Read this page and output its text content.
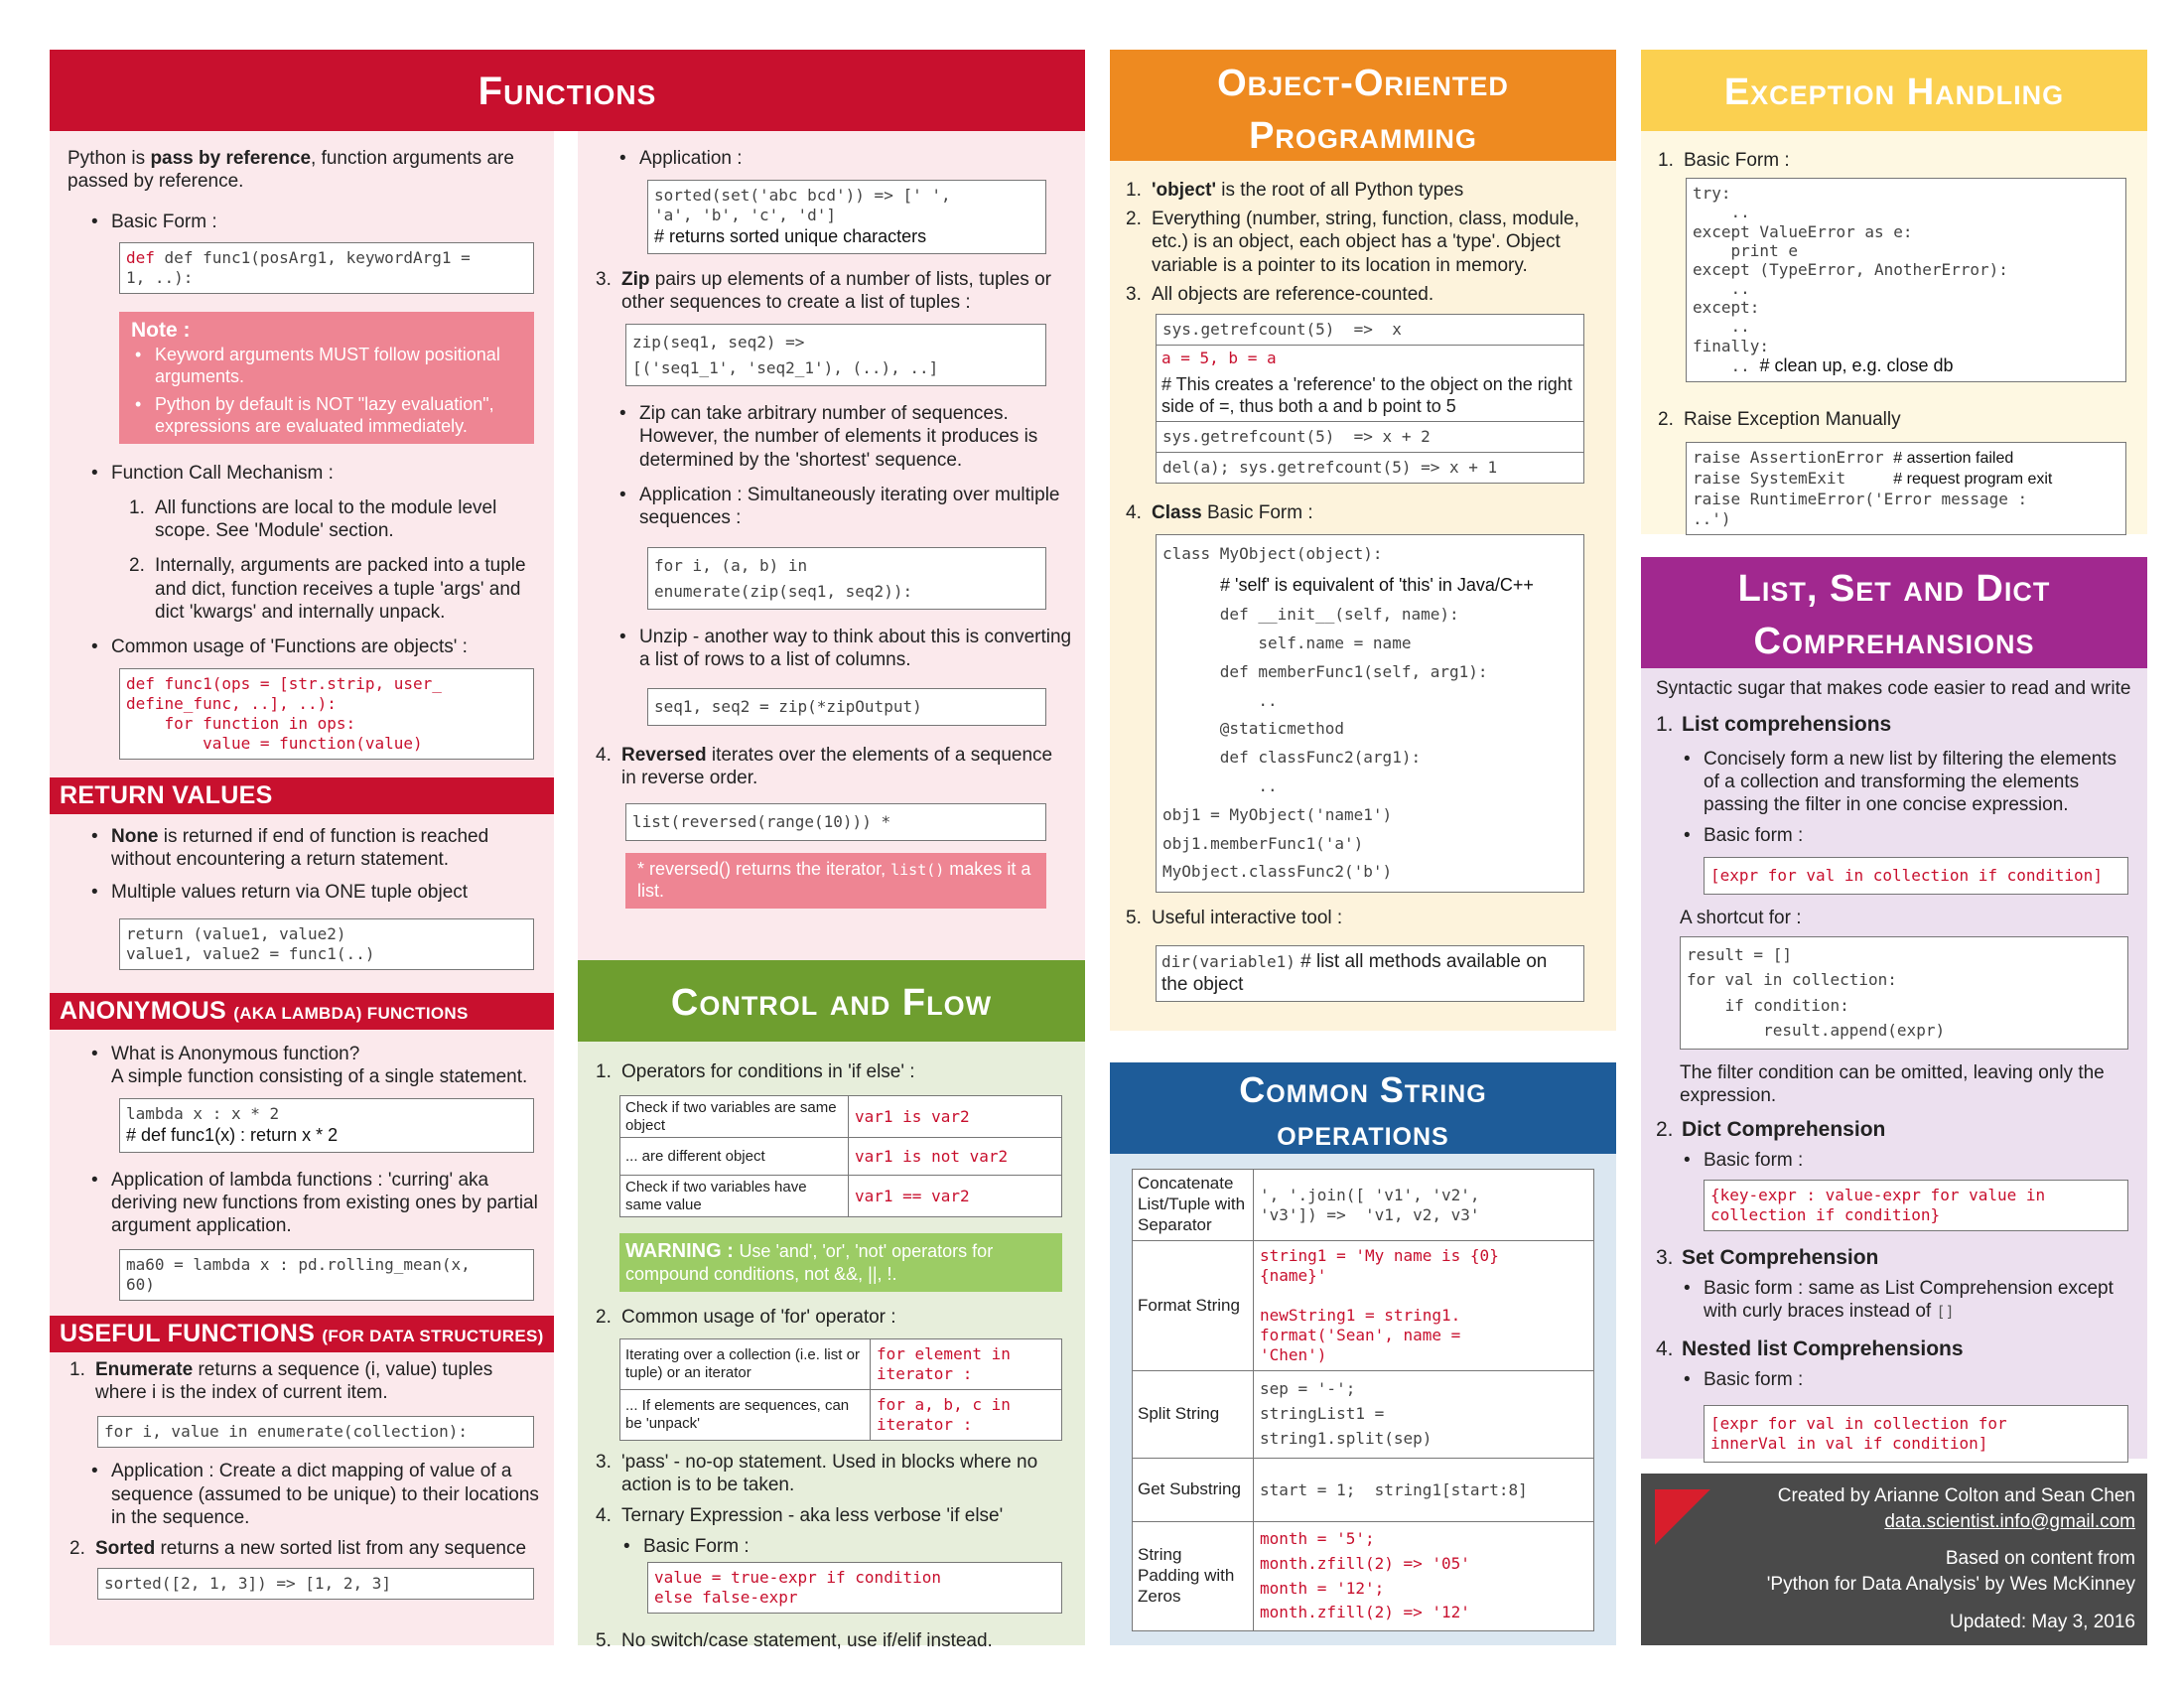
Functions
Python is pass by reference, function arguments are passed by reference.
• Basic Form :
def def func1(posArg1, keywordArg1 =
1, ..):
Note :
• Keyword arguments MUST follow positional arguments.
• Python by default is NOT "lazy evaluation", expressions are evaluated immediately.
• Function Call Mechanism :
1. All functions are local to the module level scope. See 'Module' section.
2. Internally, arguments are packed into a tuple and dict, function receives a tuple 'args' and dict 'kwargs' and internally unpack.
• Common usage of 'Functions are objects' :
def func1(ops = [str.strip, user_
define_func, ..], ..):
for function in ops:
value = function(value)
RETURN VALUES
• None is returned if end of function is reached without encountering a return statement.
• Multiple values return via ONE tuple object
return (value1, value2)
value1, value2 = func1(..)
ANONYMOUS (AKA LAMBDA) FUNCTIONS
• What is Anonymous function?
A simple function consisting of a single statement.
lambda x : x * 2
# def func1(x) : return x * 2
• Application of lambda functions : 'curring' aka deriving new functions from existing ones by partial argument application.
ma60 = lambda x : pd.rolling_mean(x,
60)
USEFUL FUNCTIONS (FOR DATA STRUCTURES)
1. Enumerate returns a sequence (i, value) tuples where i is the index of current item.
for i, value in enumerate(collection):
• Application : Create a dict mapping of value of a sequence (assumed to be unique) to their locations in the sequence.
2. Sorted returns a new sorted list from any sequence
sorted([2, 1, 3]) => [1, 2, 3]
• Application :
sorted(set('abc bcd')) => [' ',
'a', 'b', 'c', 'd']
# returns sorted unique characters
3. Zip pairs up elements of a number of lists, tuples or other sequences to create a list of tuples :
zip(seq1, seq2) =>
[('seq1_1', 'seq2_1'), (..), ..]
• Zip can take arbitrary number of sequences. However, the number of elements it produces is determined by the 'shortest' sequence.
• Application : Simultaneously iterating over multiple sequences :
for i, (a, b) in
enumerate(zip(seq1, seq2)):
• Unzip - another way to think about this is converting a list of rows to a list of columns.
seq1, seq2 = zip(*zipOutput)
4. Reversed iterates over the elements of a sequence in reverse order.
list(reversed(range(10))) *
* reversed() returns the iterator, list() makes it a list.
Control and Flow
1. Operators for conditions in 'if else' :
Check if two variables are same object	var1 is var2
... are different object	var1 is not var2
Check if two variables have same value	var1 == var2
WARNING : Use 'and', 'or', 'not' operators for compound conditions, not &&, ||, !.
2. Common usage of 'for' operator :
Iterating over a collection (i.e. list or tuple) or an iterator	for element in
iterator :
... If elements are sequences, can be 'unpack'	for a, b, c in
iterator :
3. 'pass' - no-op statement. Used in blocks where no action is to be taken.
4. Ternary Expression - aka less verbose 'if else'
• Basic Form :
value = true-expr if condition
else false-expr
5. No switch/case statement, use if/elif instead.
Object-Oriented
Programming
1. 'object' is the root of all Python types
2. Everything (number, string, function, class, module, etc.) is an object, each object has a 'type'. Object variable is a pointer to its location in memory.
3. All objects are reference-counted.
sys.getrefcount(5)  =>  x

a = 5, b = a
# This creates a 'reference' to the object on the right side of =, thus both a and b point to 5

sys.getrefcount(5)  => x + 2
del(a); sys.getrefcount(5) => x + 1
4. Class Basic Form :
class MyObject(object):
# 'self' is equivalent of 'this' in Java/C++
def __init__(self, name):
self.name = name
def memberFunc1(self, arg1):
..
@staticmethod
def classFunc2(arg1):
..
obj1 = MyObject('name1')
obj1.memberFunc1('a')
MyObject.classFunc2('b')
5. Useful interactive tool :
dir(variable1) # list all methods available on the object
Common String
operations
Concatenate List/Tuple with Separator	', '.join([ 'v1', 'v2',
'v3']) =>  'v1, v2, v3'
Format String	string1 = 'My name is {0}
{name}'

newString1 = string1.
format('Sean', name =
'Chen')
Split String	sep = '-';
stringList1 =
string1.split(sep)
Get Substring	start = 1;  string1[start:8]
String Padding with Zeros	month = '5';
month.zfill(2) => '05'
month = '12';
month.zfill(2) => '12'
Exception Handling
1. Basic Form :
try:
..
except ValueError as e:
print e
except (TypeError, AnotherError):
..
except:
..
finally:
.. # clean up, e.g. close db
2. Raise Exception Manually
raise AssertionError # assertion failed
raise SystemExit     # request program exit
raise RuntimeError('Error message :
..')
List, Set and Dict
Comprehansions
Syntactic sugar that makes code easier to read and write
1. List comprehensions
• Concisely form a new list by filtering the elements of a collection and transforming the elements passing the filter in one concise expression.
• Basic form :
[expr for val in collection if condition]
A shortcut for :
result = []
for val in collection:
if condition:
result.append(expr)
The filter condition can be omitted, leaving only the expression.
2. Dict Comprehension
• Basic form :
{key-expr : value-expr for value in
collection if condition}
3. Set Comprehension
• Basic form : same as List Comprehension except with curly braces instead of []
4. Nested list Comprehensions
• Basic form :
[expr for val in collection for
innerVal in val if condition]
Created by Arianne Colton and Sean Chen
data.scientist.info@gmail.com
Based on content from
'Python for Data Analysis' by Wes McKinney
Updated: May 3, 2016
